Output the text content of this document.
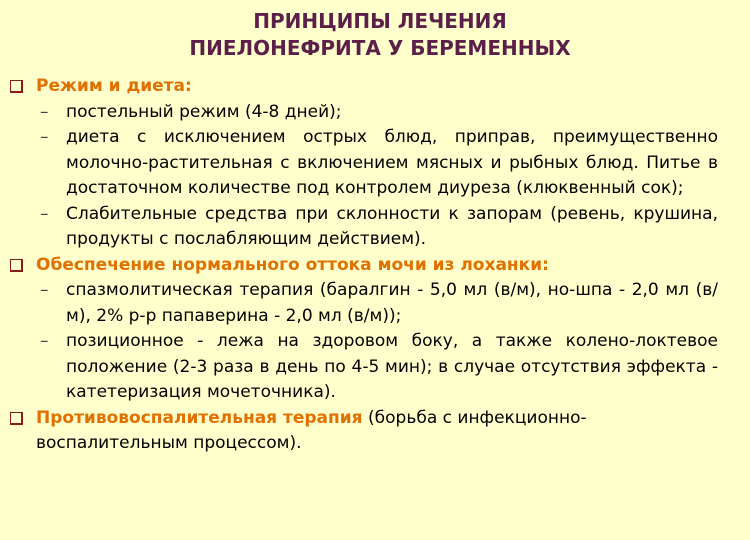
ПРИНЦИПЫ ЛЕЧЕНИЯ
ПИЕЛОНЕФРИТА У БЕРЕМЕННЫХ
Режим и диета:
– постельный режим (4-8 дней);
– диета с исключением острых блюд, приправ, преимущественно молочно-растительная с включением мясных и рыбных блюд. Питье в достаточном количестве под контролем диуреза (клюквенный сок);
– Слабительные средства при склонности к запорам (ревень, крушина, продукты с послабляющим действием).
Обеспечение нормального оттока мочи из лоханки:
– спазмолитическая терапия (баралгин - 5,0 мл (в/м), но-шпа - 2,0 мл (в/м), 2% р-р папаверина - 2,0 мл (в/м));
– позиционное - лежа на здоровом боку, а также колено-локтевое положение (2-3 раза в день по 4-5 мин); в случае отсутствия эффекта - катетеризация мочеточника).
Противовоспалительная терапия (борьба с инфекционно-воспалительным процессом).
